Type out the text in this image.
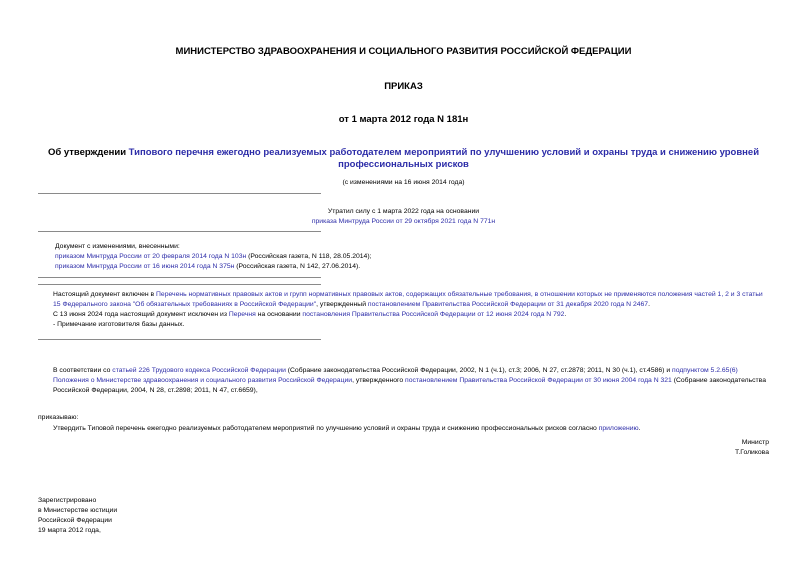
МИНИСТЕРСТВО ЗДРАВООХРАНЕНИЯ И СОЦИАЛЬНОГО РАЗВИТИЯ РОССИЙСКОЙ ФЕДЕРАЦИИ
ПРИКАЗ
от 1 марта 2012 года N 181н
Об утверждении Типового перечня ежегодно реализуемых работодателем мероприятий по улучшению условий и охраны труда и снижению уровней профессиональных рисков
(с изменениями на 16 июня 2014 года)
Утратил силу с 1 марта 2022 года на основании
приказа Минтруда России от 29 октября 2021 года N 771н
Документ с изменениями, внесенными:
приказом Минтруда России от 20 февраля 2014 года N 103н (Российская газета, N 118, 28.05.2014);
приказом Минтруда России от 16 июня 2014 года N 375н (Российская газета, N 142, 27.06.2014).
Настоящий документ включен в Перечень нормативных правовых актов и групп нормативных правовых актов, содержащих обязательные требования, в отношении которых не применяются положения частей 1, 2 и 3 статьи 15 Федерального закона "Об обязательных требованиях в Российской Федерации", утвержденный постановлением Правительства Российской Федерации от 31 декабря 2020 года N 2467.
С 13 июня 2024 года настоящий документ исключен из Перечня на основании постановления Правительства Российской Федерации от 12 июня 2024 года N 792.
- Примечание изготовителя базы данных.
В соответствии со статьей 226 Трудового кодекса Российской Федерации (Собрание законодательства Российской Федерации, 2002, N 1 (ч.1), ст.3; 2006, N 27, ст.2878; 2011, N 30 (ч.1), ст.4586) и подпунктом 5.2.65(6) Положения о Министерстве здравоохранения и социального развития Российской Федерации, утвержденного постановлением Правительства Российской Федерации от 30 июня 2004 года N 321 (Собрание законодательства Российской Федерации, 2004, N 28, ст.2898; 2011, N 47, ст.6659),
приказываю:
Утвердить Типовой перечень ежегодно реализуемых работодателем мероприятий по улучшению условий и охраны труда и снижению профессиональных рисков согласно приложению.
Министр
Т.Голикова
Зарегистрировано
в Министерстве юстиции
Российской Федерации
19 марта 2012 года,
